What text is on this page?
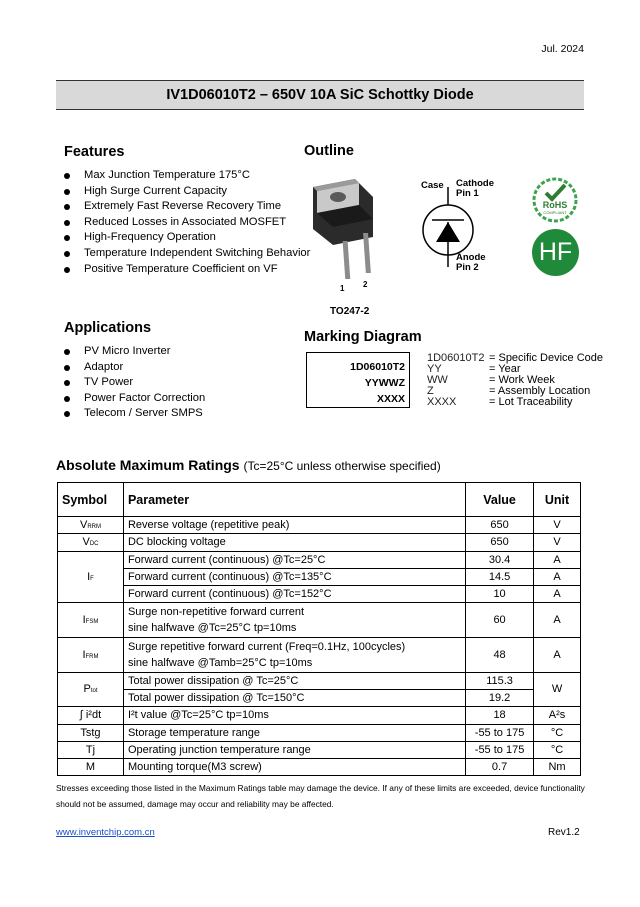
Jul. 2024
IV1D06010T2 – 650V 10A SiC Schottky Diode
Features
Max Junction Temperature 175°C
High Surge Current Capacity
Extremely Fast Reverse Recovery Time
Reduced Losses in Associated MOSFET
High-Frequency Operation
Temperature Independent Switching Behavior
Positive Temperature Coefficient on VF
Outline
1 2
TO247-2
Case Cathode
Pin 1
Anode
Pin 2
RoHS
COMPLIANT
HF
Applications
PV Micro Inverter
Adaptor
TV Power
Power Factor Correction
Telecom / Server SMPS
Marking Diagram
1D06010T2
YYWWZ
XXXX
1D06010T2 = Specific Device Code
YY	= Year
WW	= Work Week
Z	= Assembly Location
XXXX	= Lot Traceability
Absolute Maximum Ratings (Tc=25°C unless otherwise specified)
Symbol	Parameter	Value	Unit
VRRM	Reverse voltage (repetitive peak)	650	V
VDC	DC blocking voltage	650	V
IF	Forward current (continuous) @Tc=25°C	30.4	A
	Forward current (continuous) @Tc=135°C	14.5	A
	Forward current (continuous) @Tc=152°C	10	A
IFSM	Surge non-repetitive forward current
sine halfwave @Tc=25°C tp=10ms	60	A
IFRM	Surge repetitive forward current (Freq=0.1Hz, 100cycles)
sine halfwave @Tamb=25°C tp=10ms	48	A
Ptot	Total power dissipation @ Tc=25°C	115.3	W
	Total power dissipation @ Tc=150°C	19.2	
∫ i²dt	I²t value @Tc=25°C tp=10ms	18	A²s
Tstg	Storage temperature range	-55 to 175	°C
Tj	Operating junction temperature range	-55 to 175	°C
M	Mounting torque(M3 screw)	0.7	Nm
Stresses exceeding those listed in the Maximum Ratings table may damage the device. If any of these limits are exceeded, device functionality should not be assumed, damage may occur and reliability may be affected.
www.inventchip.com.cn	Rev1.2
